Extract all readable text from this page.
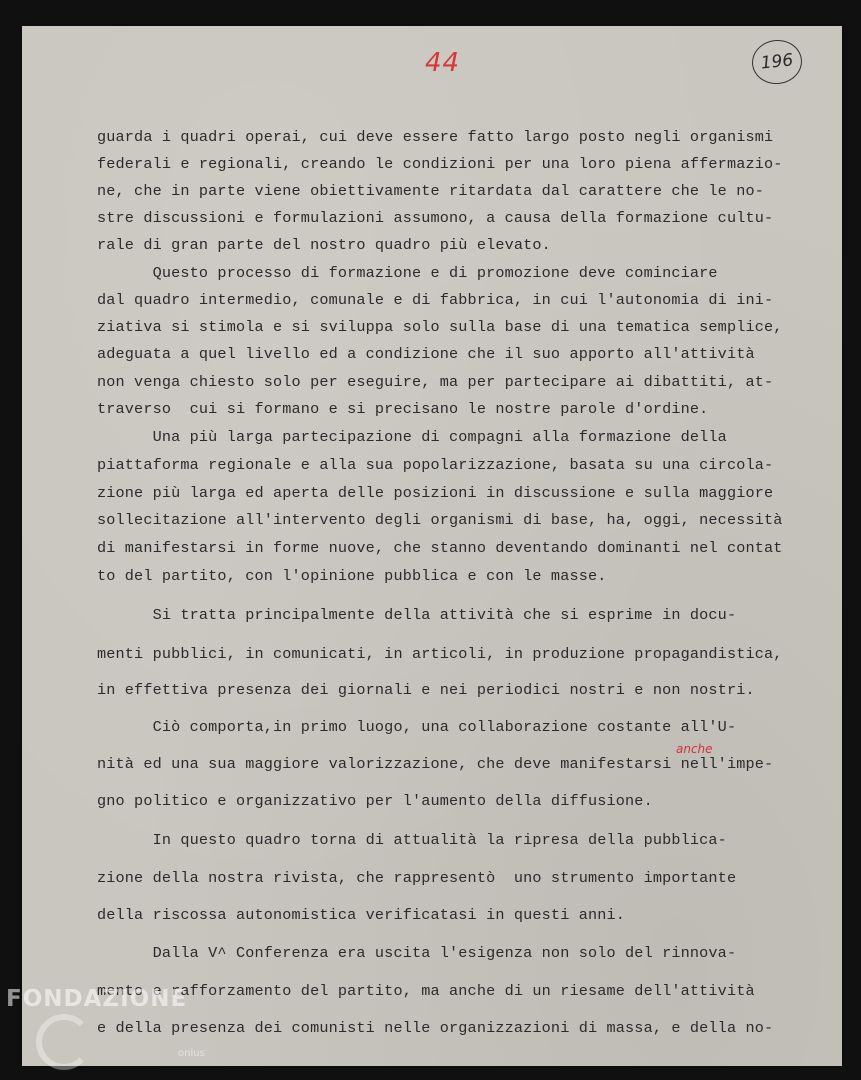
44	196
guarda i quadri operai, cui deve essere fatto largo posto negli organismi
federali e regionali, creando le condizioni per una loro piena affermazio-
ne, che in parte viene obiettivamente ritardata dal carattere che le no-
stre discussioni e formulazioni assumono, a causa della formazione cultu-
rale di gran parte del nostro quadro più elevato.
Questo processo di formazione e di promozione deve cominciare
dal quadro intermedio, comunale e di fabbrica, in cui l'autonomia di ini-
ziativa si stimola e si sviluppa solo sulla base di una tematica semplice,
adeguata a quel livello ed a condizione che il suo apporto all'attività
non venga chiesto solo per eseguire, ma per partecipare ai dibattiti, at-
traverso  cui si formano e si precisano le nostre parole d'ordine.
Una più larga partecipazione di compagni alla formazione della
piattaforma regionale e alla sua popolarizzazione, basata su una circola-
zione più larga ed aperta delle posizioni in discussione e sulla maggiore
sollecitazione all'intervento degli organismi di base, ha, oggi, necessità
di manifestarsi in forme nuove, che stanno deventando dominanti nel contat
to del partito, con l'opinione pubblica e con le masse.
Si tratta principalmente della attività che si esprime in docu-
menti pubblici, in comunicati, in articoli, in produzione propagandistica,
in effettiva presenza dei giornali e nei periodici nostri e non nostri.
Ciò comporta,in primo luogo, una collaborazione costante all'U-
nità ed una sua maggiore valorizzazione, che deve manifestarsi nell'impe-
gno politico e organizzativo per l'aumento della diffusione.
In questo quadro torna di attualità la ripresa della pubblica-
zione della nostra rivista, che rappresentò  uno strumento importante
della riscossa autonomistica verificatasi in questi anni.
Dalla V^ Conferenza era uscita l'esigenza non solo del rinnova-
mento e rafforzamento del partito, ma anche di un riesame dell'attività
e della presenza dei comunisti nelle organizzazioni di massa, e della no-
anche
FONDAZIONE
onlus
